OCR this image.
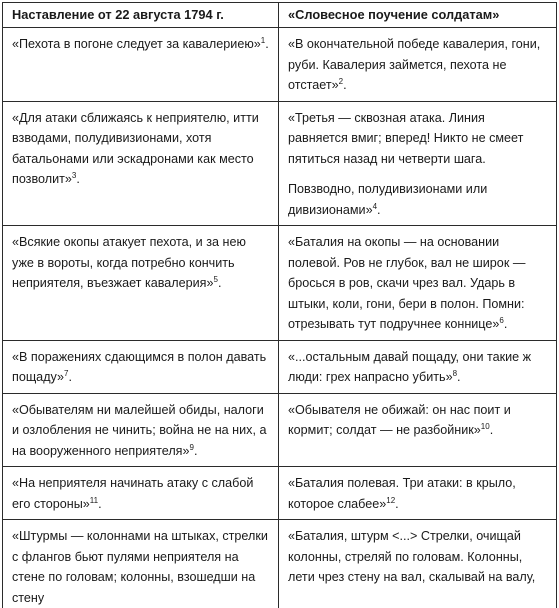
Наставление от 22 августа 1794 г.	«Словесное поучение солдатам»

«Пехота в погоне следует за кавалериею»$^1$.	«В окончательной победе кавалерия, гони, руби. Кавалерия займется, пехота не отстает»$^2$.

«Для атаки сближаясь к неприятелю, итти взводами, полудивизионами, хотя батальонами или эскадронами как место позволит»$^3$.	«Третья — сквозная атака. Линия равняется вмиг; вперед! Никто не смеет пятиться назад ни четверти шага.

Повзводно, полудивизионами или дивизионами»$^4$.

«Всякие окопы атакует пехота, и за нею уже в вороты, когда потребно кончить неприятеля, въезжает кавалерия»$^5$.	«Баталия на окопы — на основании полевой. Ров не глубок, вал не широк — бросься в ров, скачи чрез вал. Ударь в штыки, коли, гони, бери в полон. Помни: отрезывать тут подручнее коннице»$^6$.

«В поражениях сдающимся в полон давать пощаду»$^7$.	«...остальным давай пощаду, они такие ж люди: грех напрасно убить»$^8$.

«Обывателям ни малейшей обиды, налоги и озлобления не чинить; война не на них, а на вооруженного неприятеля»$^9$.	«Обывателя не обижай: он нас поит и кормит; солдат — не разбойник»$^{10}$.

«На неприятеля начинать атаку с слабой его стороны»$^{11}$.	«Баталия полевая. Три атаки: в крыло, которое слабее»$^{12}$.

«Штурмы — колоннами на штыках, стрелки с флангов бьют пулями неприятеля на стене по головам; колонны, взошедши на стену	«Баталия, штурм <...> Стрелки, очищай колонны, стреляй по головам. Колонны, лети чрез стену на вал, скалывай на валу,
